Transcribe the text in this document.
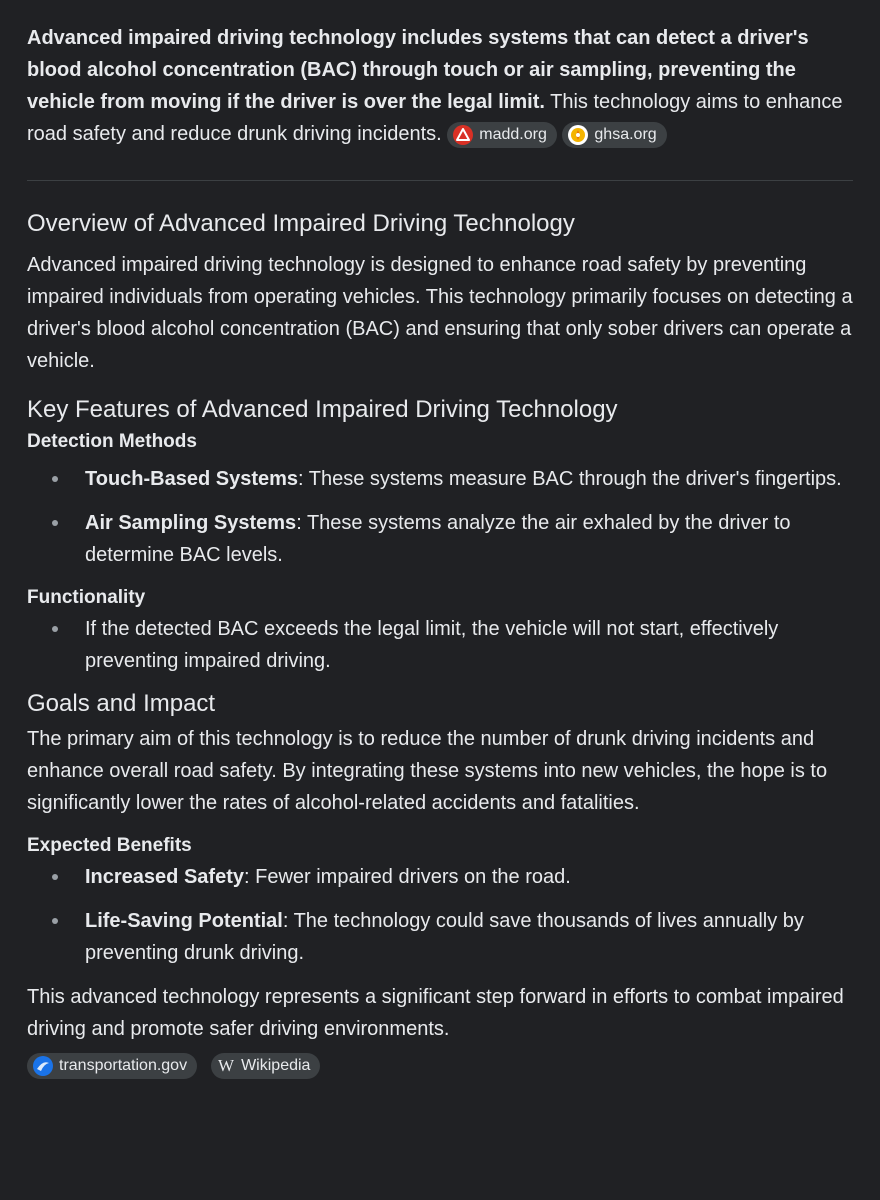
Advanced impaired driving technology includes systems that can detect a driver's blood alcohol concentration (BAC) through touch or air sampling, preventing the vehicle from moving if the driver is over the legal limit. This technology aims to enhance road safety and reduce drunk driving incidents. madd.org
	ghsa.org

Overview of Advanced Impaired Driving Technology

Advanced impaired driving technology is designed to enhance road safety by preventing impaired individuals from operating vehicles. This technology primarily focuses on detecting a driver's blood alcohol concentration (BAC) and ensuring that only sober drivers can operate a vehicle.

Key Features of Advanced Impaired Driving Technology
Detection Methods
Touch-Based Systems: These systems measure BAC through the driver's fingertips.
Air Sampling Systems: These systems analyze the air exhaled by the driver to determine BAC levels.
Functionality
If the detected BAC exceeds the legal limit, the vehicle will not start, effectively preventing impaired driving.
Goals and Impact

The primary aim of this technology is to reduce the number of drunk driving incidents and enhance overall road safety. By integrating these systems into new vehicles, the hope is to significantly lower the rates of alcohol-related accidents and fatalities.

Expected Benefits
Increased Safety: Fewer impaired drivers on the road.
Life-Saving Potential: The technology could save thousands of lives annually by preventing drunk driving.

This advanced technology represents a significant step forward in efforts to combat impaired driving and promote safer driving environments.

transportation.gov W Wikipedia
